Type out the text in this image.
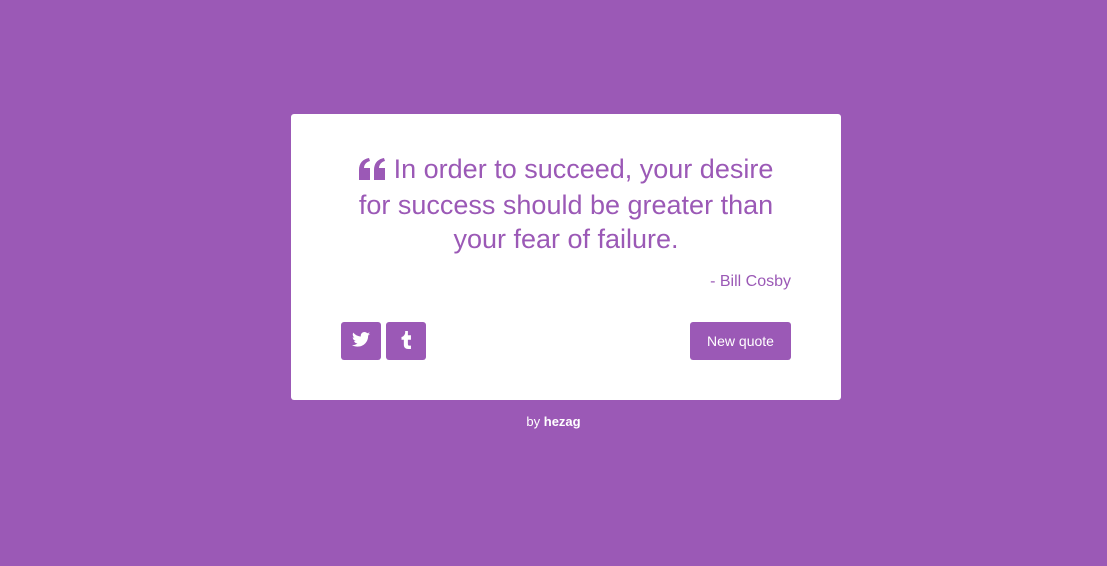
In order to succeed, your desire for success should be greater than your fear of failure.

- Bill Cosby

New quote
by hezag
